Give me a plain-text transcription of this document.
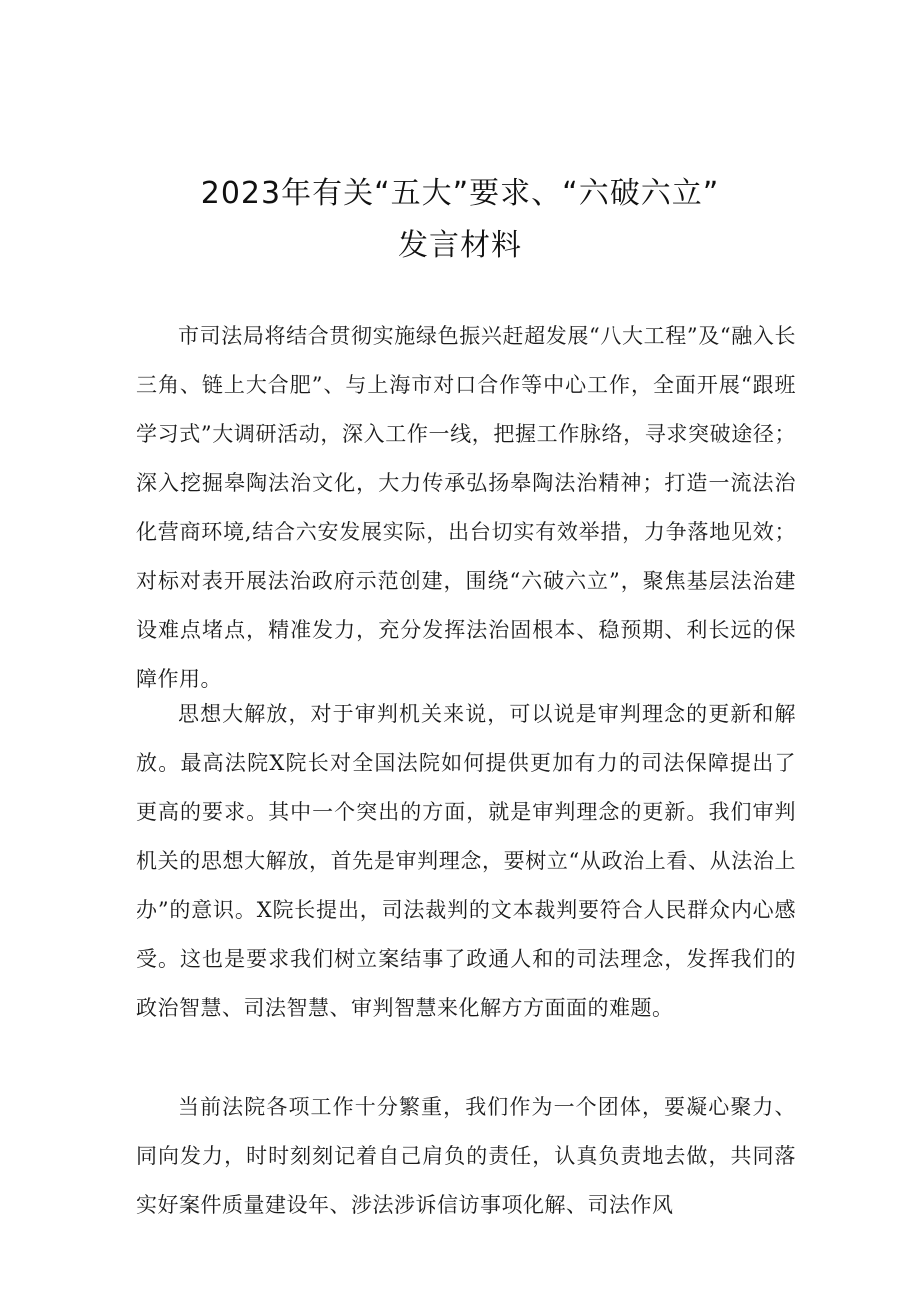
2023年有关“五大”要求、“六破六立”
发言材料

市司法局将结合贯彻实施绿色振兴赶超发展“八大工程”及“融入长三角、链上大合肥”、与上海市对口合作等中心工作，全面开展“跟班学习式”大调研活动，深入工作一线，把握工作脉络，寻求突破途径；深入挖掘皋陶法治文化，大力传承弘扬皋陶法治精神；打造一流法治化营商环境,结合六安发展实际，出台切实有效举措，力争落地见效；对标对表开展法治政府示范创建，围绕“六破六立”，聚焦基层法治建设难点堵点，精准发力，充分发挥法治固根本、稳预期、利长远的保障作用。

思想大解放，对于审判机关来说，可以说是审判理念的更新和解放。最高法院X院长对全国法院如何提供更加有力的司法保障提出了更高的要求。其中一个突出的方面，就是审判理念的更新。我们审判机关的思想大解放，首先是审判理念，要树立“从政治上看、从法治上办”的意识。X院长提出，司法裁判的文本裁判要符合人民群众内心感受。这也是要求我们树立案结事了政通人和的司法理念，发挥我们的政治智慧、司法智慧、审判智慧来化解方方面面的难题。

当前法院各项工作十分繁重，我们作为一个团体，要凝心聚力、同向发力，时时刻刻记着自己肩负的责任，认真负责地去做，共同落实好案件质量建设年、涉法涉诉信访事项化解、司法作风
